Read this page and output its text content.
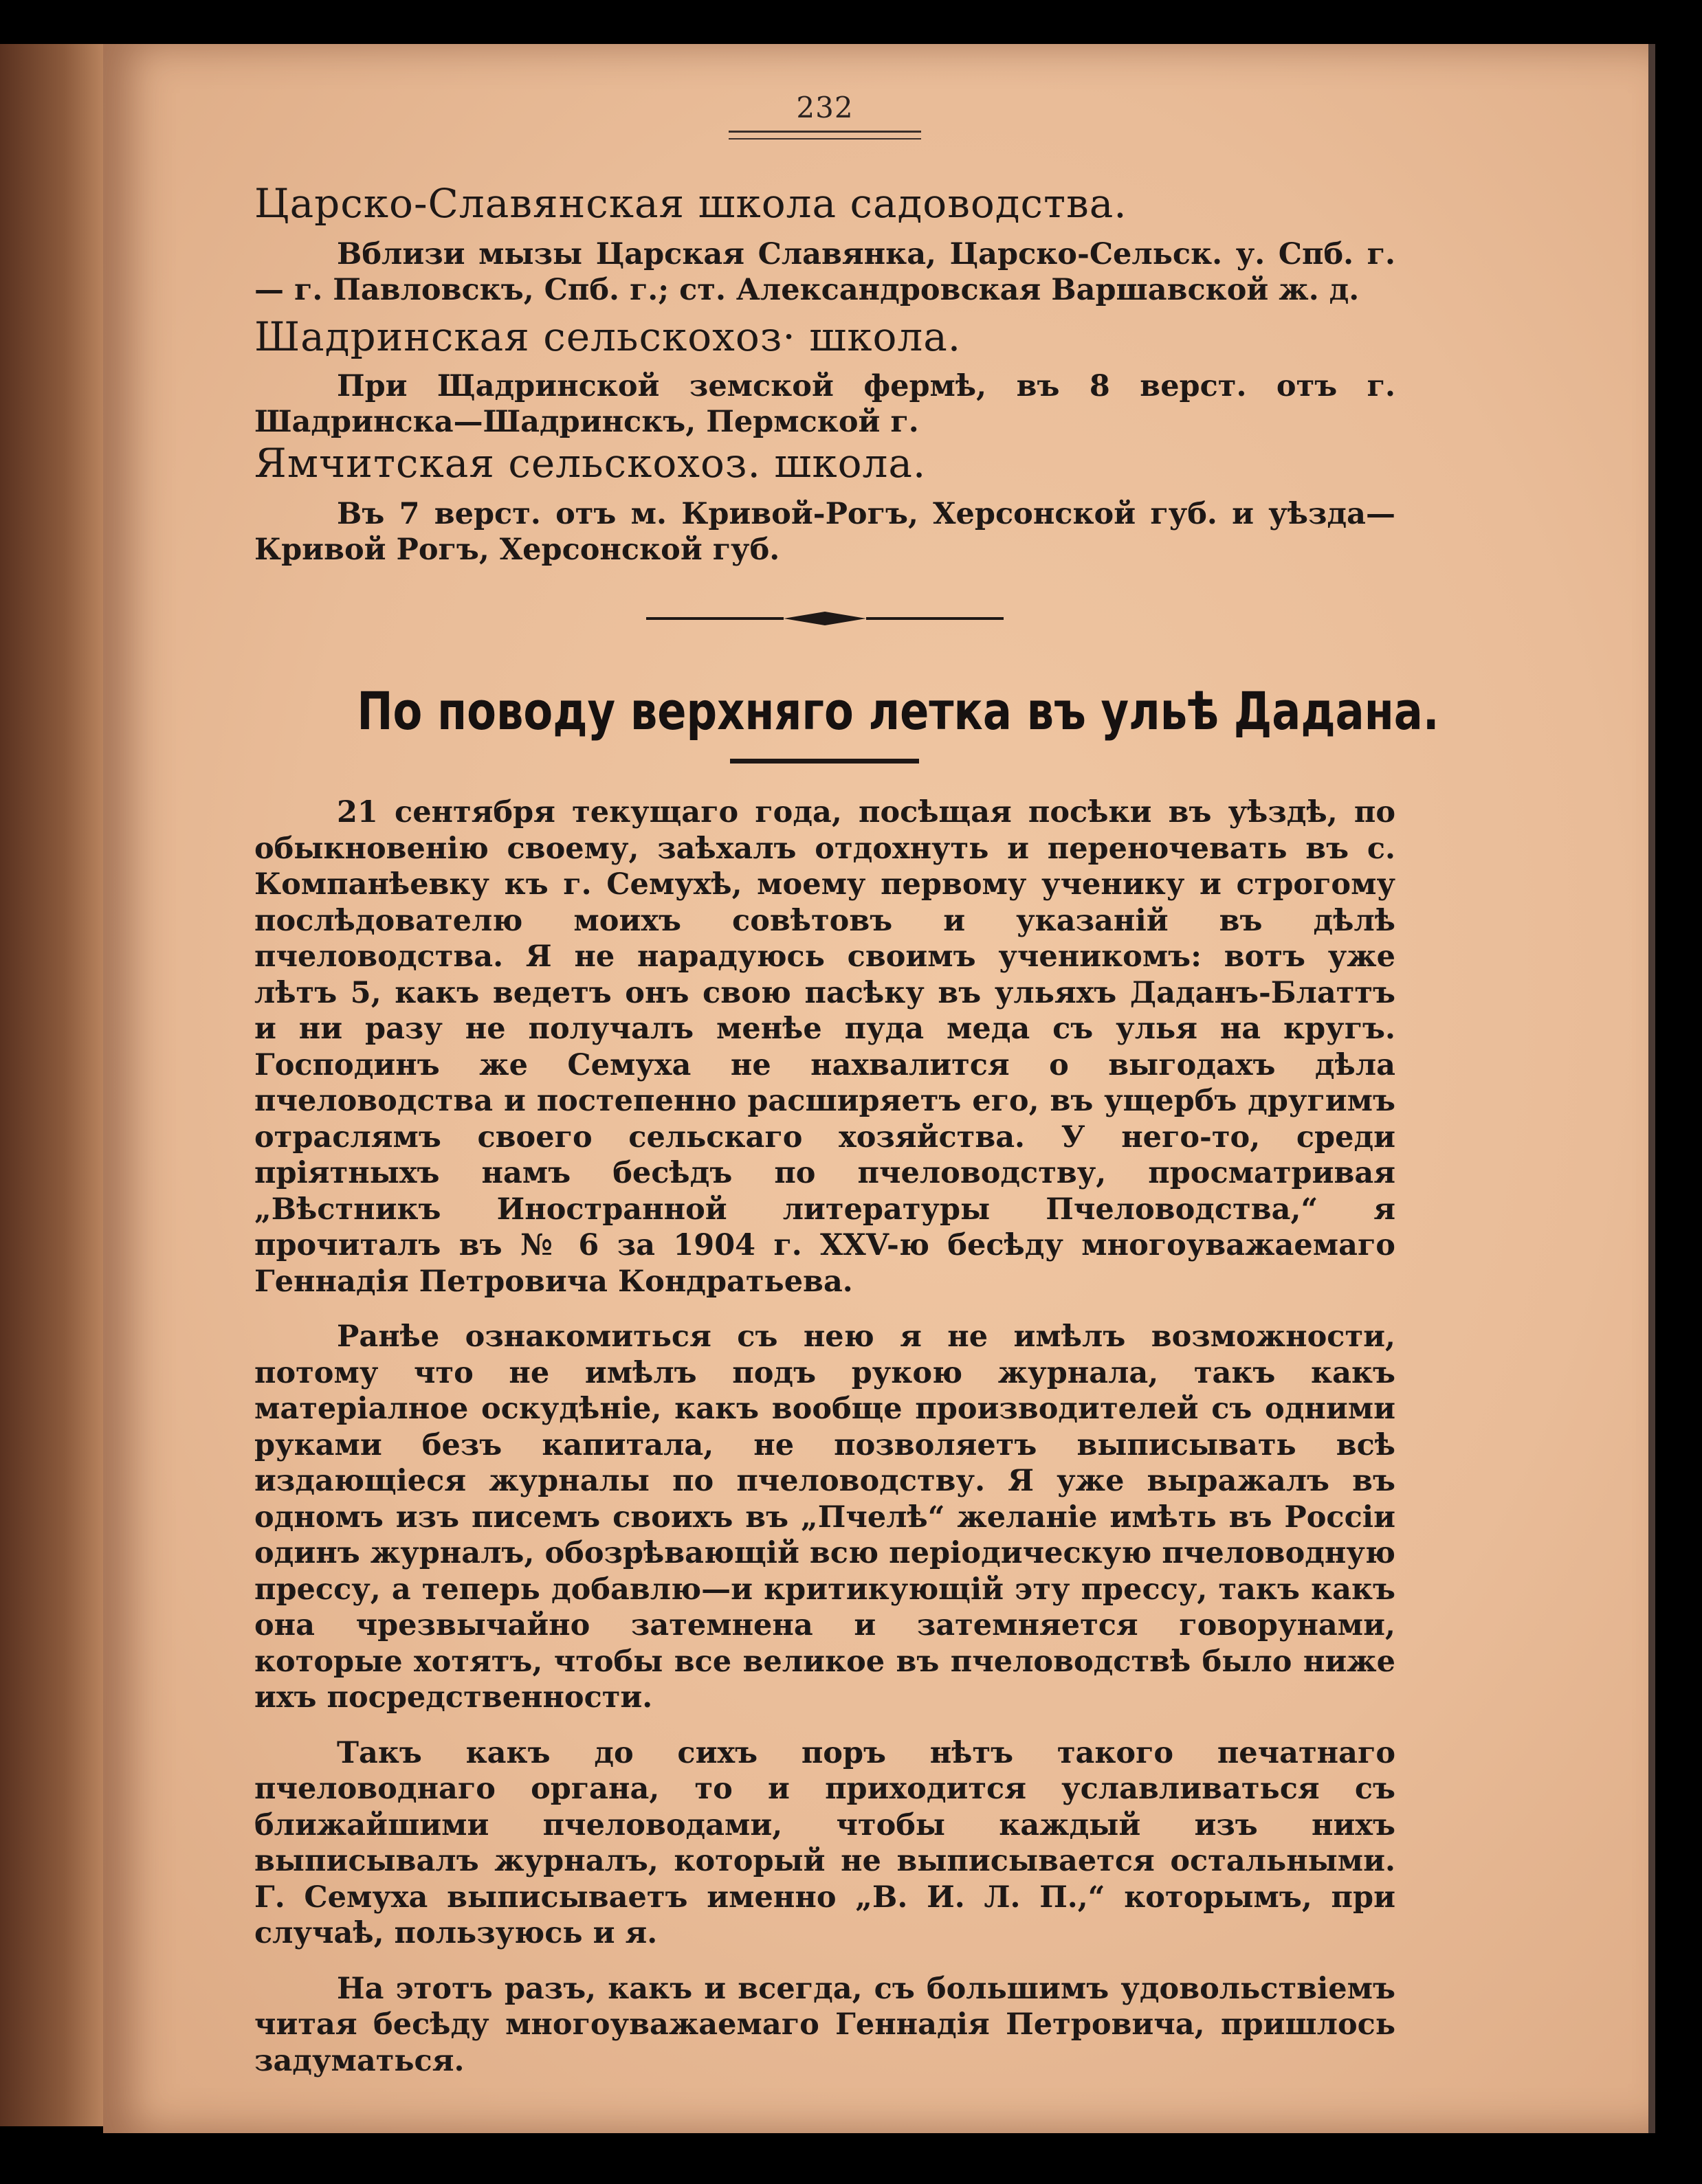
232
Царско-Славянская школа садоводства.
Вблизи мызы Царская Славянка, Царско-Сельск. у. Спб. г.— г. Павловскъ, Спб. г.; ст. Александровская Варшавской ж. д.
Шадринская сельскохоз· школа.
При Щадринской земской фермѣ, въ 8 верст. отъ г. Шадринска—Шадринскъ, Пермской г.
Ямчитская сельскохоз. школа.
Въ 7 верст. отъ м. Кривой-Рогъ, Херсонской губ. и уѣзда—Кривой Рогъ, Херсонской губ.
По поводу верхняго летка въ ульѣ Дадана.

21 сентября текущаго года, посѣщая посѣки въ уѣздѣ, по обыкновенію своему, заѣхалъ отдохнуть и переночевать въ с. Компанѣевку къ г. Семухѣ, моему первому ученику и строгому послѣдователю моихъ совѣтовъ и указаній въ дѣлѣ пчеловодства. Я не нарадуюсь своимъ ученикомъ: вотъ уже лѣтъ 5, какъ ведетъ онъ свою пасѣку въ ульяхъ Даданъ-Блаттъ и ни разу не получалъ менѣе пуда меда съ улья на кругъ. Господинъ же Семуха не нахвалится о выгодахъ дѣла пчеловодства и постепенно расширяетъ его, въ ущербъ другимъ отраслямъ своего сельскаго хозяйства. У него-то, среди пріятныхъ намъ бесѣдъ по пчеловодству, просматривая „Вѣстникъ Иностранной литературы Пчеловодства,“ я прочиталъ въ № 6 за 1904 г. XXV-ю бесѣду многоуважаемаго Геннадія Петровича Кондратьева.

Ранѣе ознакомиться съ нею я не имѣлъ возможности, потому что не имѣлъ подъ рукою журнала, такъ какъ матеріалное оскудѣніе, какъ вообще производителей съ одними руками безъ капитала, не позволяетъ выписывать всѣ издающіеся журналы по пчеловодству. Я уже выражалъ въ одномъ изъ писемъ своихъ въ „Пчелѣ“ желаніе имѣть въ Россіи одинъ журналъ, обозрѣвающій всю періодическую пчеловодную прессу, а теперь добавлю—и критикующій эту прессу, такъ какъ она чрезвычайно затемнена и затемняется говорунами, которые хотятъ, чтобы все великое въ пчеловодствѣ было ниже ихъ посредственности.

Такъ какъ до сихъ поръ нѣтъ такого печатнаго пчеловоднаго органа, то и приходится уславливаться съ ближайшими пчеловодами, чтобы каждый изъ нихъ выписывалъ журналъ, который не выписывается остальными. Г. Семуха выписываетъ именно „В. И. Л. П.,“ которымъ, при случаѣ, пользуюсь и я.

На этотъ разъ, какъ и всегда, съ большимъ удовольствіемъ читая бесѣду многоуважаемаго Геннадія Петровича, пришлось задуматься.
